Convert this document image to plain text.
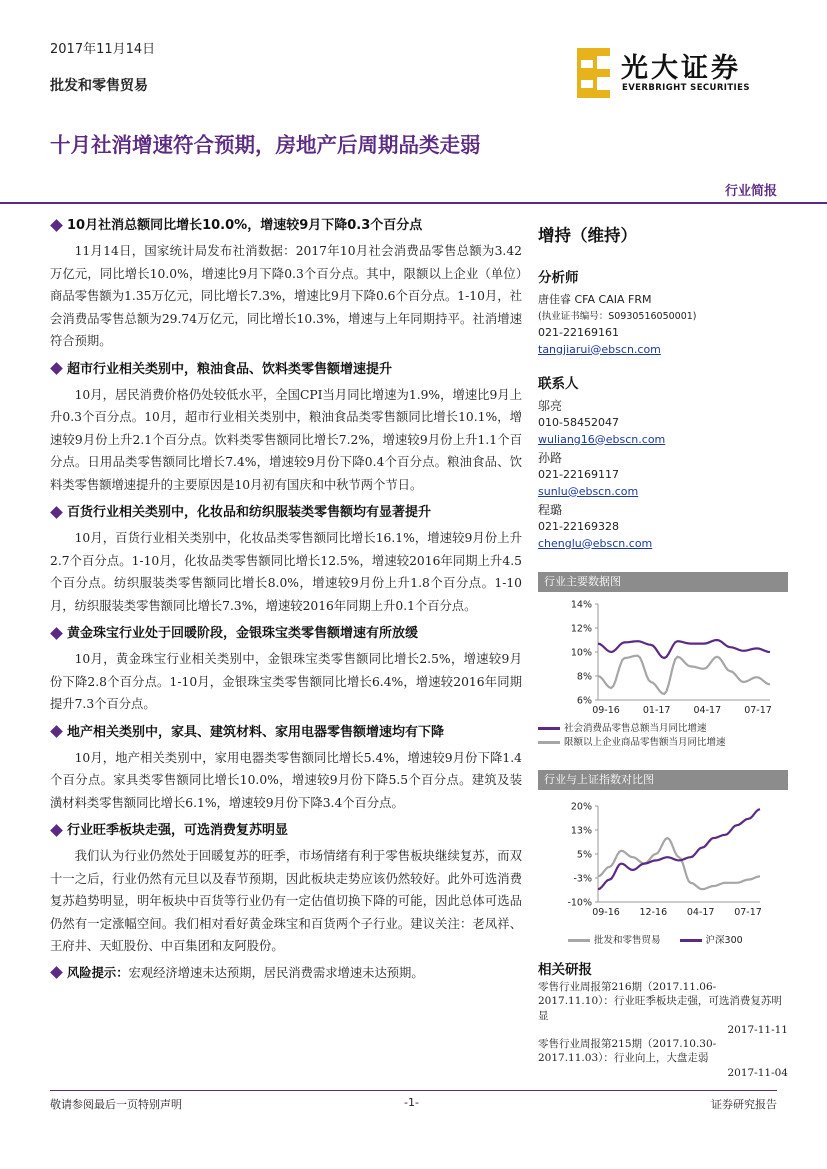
2017年11月14日
批发和零售贸易
光大证券
EVERBRIGHT SECURITIES
十月社消增速符合预期，房地产后周期品类走弱
行业简报
10月社消总额同比增长10.0%，增速较9月下降0.3个百分点
11月14日，国家统计局发布社消数据：2017年10月社会消费品零售总额为3.42万亿元，同比增长10.0%，增速比9月下降0.3个百分点。其中，限额以上企业（单位）商品零售额为1.35万亿元，同比增长7.3%，增速比9月下降0.6个百分点。1-10月，社会消费品零售总额为29.74万亿元，同比增长10.3%，增速与上年同期持平。社消增速符合预期。
超市行业相关类别中，粮油食品、饮料类零售额增速提升
10月，居民消费价格仍处较低水平，全国CPI当月同比增速为1.9%，增速比9月上升0.3个百分点。10月，超市行业相关类别中，粮油食品类零售额同比增长10.1%，增速较9月份上升2.1个百分点。饮料类零售额同比增长7.2%，增速较9月份上升1.1个百分点。日用品类零售额同比增长7.4%，增速较9月份下降0.4个百分点。粮油食品、饮料类零售额增速提升的主要原因是10月初有国庆和中秋节两个节日。
百货行业相关类别中，化妆品和纺织服装类零售额均有显著提升
10月，百货行业相关类别中，化妆品类零售额同比增长16.1%，增速较9月份上升2.7个百分点。1-10月，化妆品类零售额同比增长12.5%，增速较2016年同期上升4.5个百分点。纺织服装类零售额同比增长8.0%，增速较9月份上升1.8个百分点。1-10月，纺织服装类零售额同比增长7.3%，增速较2016年同期上升0.1个百分点。
黄金珠宝行业处于回暖阶段，金银珠宝类零售额增速有所放缓
10月，黄金珠宝行业相关类别中，金银珠宝类零售额同比增长2.5%，增速较9月份下降2.8个百分点。1-10月，金银珠宝类零售额同比增长6.4%，增速较2016年同期提升7.3个百分点。
地产相关类别中，家具、建筑材料、家用电器零售额增速均有下降
10月，地产相关类别中，家用电器类零售额同比增长5.4%，增速较9月份下降1.4个百分点。家具类零售额同比增长10.0%，增速较9月份下降5.5个百分点。建筑及装潢材料类零售额同比增长6.1%，增速较9月份下降3.4个百分点。
行业旺季板块走强，可选消费复苏明显
我们认为行业仍然处于回暖复苏的旺季，市场情绪有利于零售板块继续复苏，而双十一之后，行业仍然有元旦以及春节预期，因此板块走势应该仍然较好。此外可选消费复苏趋势明显，明年板块中百货等行业仍有一定估值切换下降的可能，因此总体可选品仍然有一定涨幅空间。我们相对看好黄金珠宝和百货两个子行业。建议关注：老凤祥、王府井、天虹股份、中百集团和友阿股份。
风险提示：宏观经济增速未达预期，居民消费需求增速未达预期。
增持（维持）
分析师
唐佳睿 CFA CAIA FRM
(执业证书编号：S0930516050001)
021-22169161
tangjiarui@ebscn.com
联系人
邬亮
010-58452047
wuliang16@ebscn.com
孙路
021-22169117
sunlu@ebscn.com
程璐
021-22169328
chenglu@ebscn.com
行业主要数据图
14%
12%
10%
8%
6%
09-16 01-17 04-17 07-17
社会消费品零售总额当月同比增速
限额以上企业商品零售额当月同比增速
行业与上证指数对比图
20%
13%
5%
-3%
-10%
09-16 12-16 04-17 07-17
批发和零售贸易	沪深300
相关研报
零售行业周报第216期（2017.11.06-2017.11.10）：行业旺季板块走强，可选消费复苏明显
2017-11-11
零售行业周报第215期（2017.10.30-2017.11.03）：行业向上，大盘走弱
2017-11-04
敬请参阅最后一页特别声明	-1-	证券研究报告
